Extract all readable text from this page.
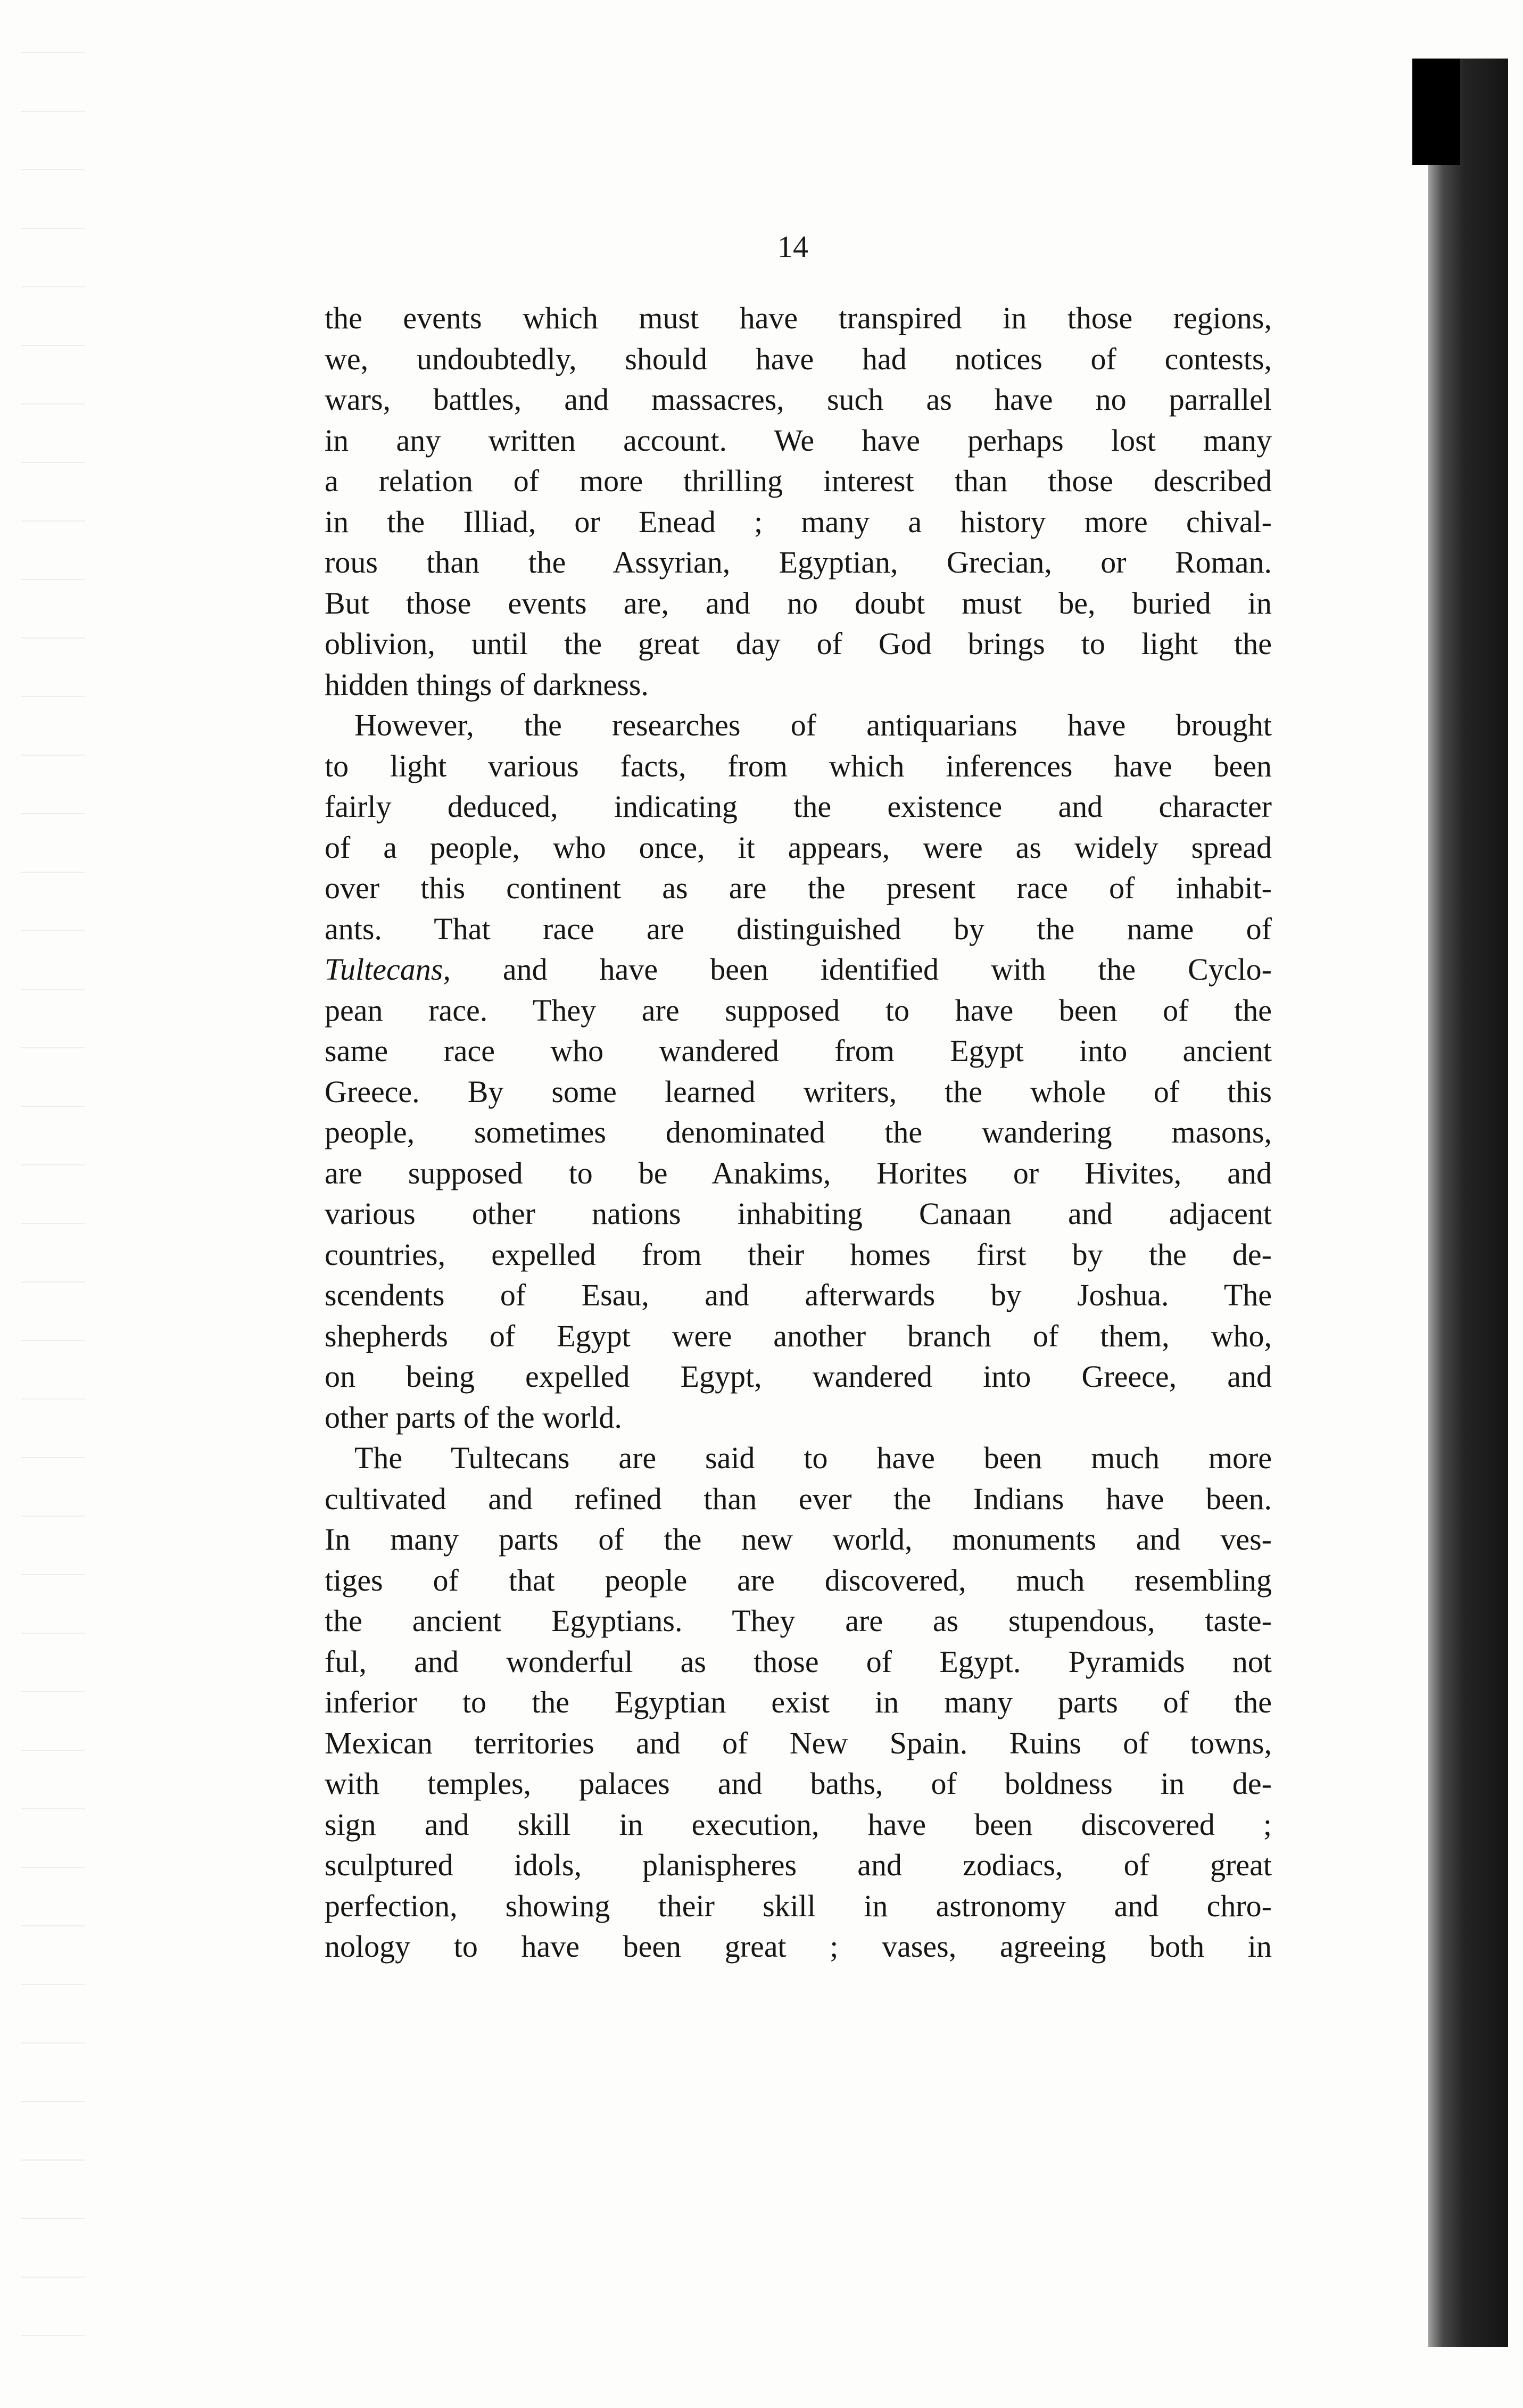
14
the events which must have transpired in those regions,
we, undoubtedly, should have had notices of contests,
wars, battles, and massacres, such as have no parrallel
in any written account. We have perhaps lost many
a relation of more thrilling interest than those described
in the Illiad, or Enead ; many a history more chival-
rous than the Assyrian, Egyptian, Grecian, or Roman.
But those events are, and no doubt must be, buried in
oblivion, until the great day of God brings to light the
hidden things of darkness.
However, the researches of antiquarians have brought
to light various facts, from which inferences have been
fairly deduced, indicating the existence and character
of a people, who once, it appears, were as widely spread
over this continent as are the present race of inhabit-
ants. That race are distinguished by the name of
Tultecans, and have been identified with the Cyclo-
pean race. They are supposed to have been of the
same race who wandered from Egypt into ancient
Greece. By some learned writers, the whole of this
people, sometimes denominated the wandering masons,
are supposed to be Anakims, Horites or Hivites, and
various other nations inhabiting Canaan and adjacent
countries, expelled from their homes first by the de-
scendents of Esau, and afterwards by Joshua. The
shepherds of Egypt were another branch of them, who,
on being expelled Egypt, wandered into Greece, and
other parts of the world.
The Tultecans are said to have been much more
cultivated and refined than ever the Indians have been.
In many parts of the new world, monuments and ves-
tiges of that people are discovered, much resembling
the ancient Egyptians. They are as stupendous, taste-
ful, and wonderful as those of Egypt. Pyramids not
inferior to the Egyptian exist in many parts of the
Mexican territories and of New Spain. Ruins of towns,
with temples, palaces and baths, of boldness in de-
sign and skill in execution, have been discovered ;
sculptured idols, planispheres and zodiacs, of great
perfection, showing their skill in astronomy and chro-
nology to have been great ; vases, agreeing both in
